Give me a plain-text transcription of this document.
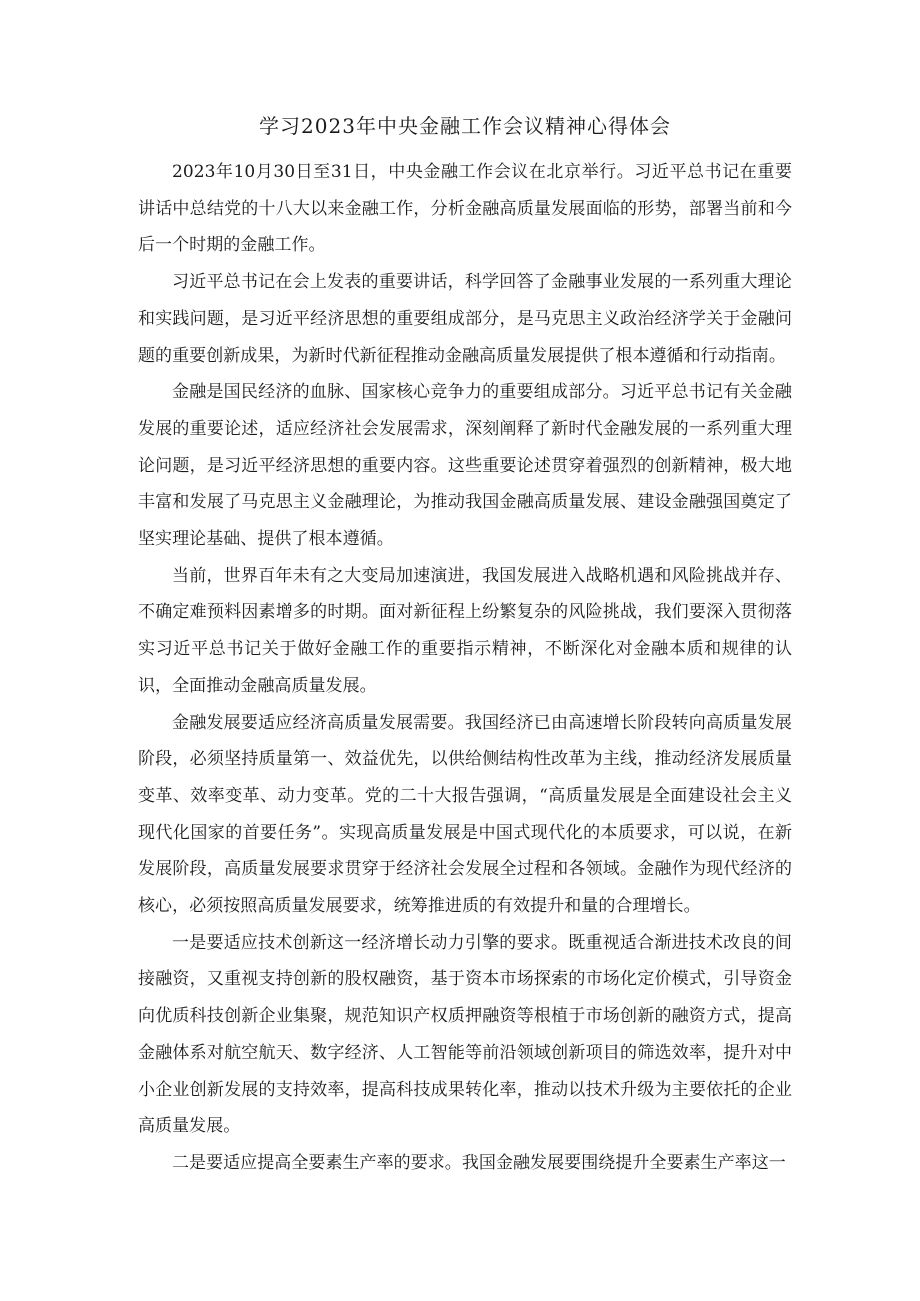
学习2023年中央金融工作会议精神心得体会

2023年10月30日至31日，中央金融工作会议在北京举行。习近平总书记在重要讲话中总结党的十八大以来金融工作，分析金融高质量发展面临的形势，部署当前和今后一个时期的金融工作。

习近平总书记在会上发表的重要讲话，科学回答了金融事业发展的一系列重大理论和实践问题，是习近平经济思想的重要组成部分，是马克思主义政治经济学关于金融问题的重要创新成果，为新时代新征程推动金融高质量发展提供了根本遵循和行动指南。

金融是国民经济的血脉、国家核心竞争力的重要组成部分。习近平总书记有关金融发展的重要论述，适应经济社会发展需求，深刻阐释了新时代金融发展的一系列重大理论问题，是习近平经济思想的重要内容。这些重要论述贯穿着强烈的创新精神，极大地丰富和发展了马克思主义金融理论，为推动我国金融高质量发展、建设金融强国奠定了坚实理论基础、提供了根本遵循。

当前，世界百年未有之大变局加速演进，我国发展进入战略机遇和风险挑战并存、不确定难预料因素增多的时期。面对新征程上纷繁复杂的风险挑战，我们要深入贯彻落实习近平总书记关于做好金融工作的重要指示精神，不断深化对金融本质和规律的认识，全面推动金融高质量发展。

金融发展要适应经济高质量发展需要。我国经济已由高速增长阶段转向高质量发展阶段，必须坚持质量第一、效益优先，以供给侧结构性改革为主线，推动经济发展质量变革、效率变革、动力变革。党的二十大报告强调，“高质量发展是全面建设社会主义现代化国家的首要任务”。实现高质量发展是中国式现代化的本质要求，可以说，在新发展阶段，高质量发展要求贯穿于经济社会发展全过程和各领域。金融作为现代经济的核心，必须按照高质量发展要求，统筹推进质的有效提升和量的合理增长。

一是要适应技术创新这一经济增长动力引擎的要求。既重视适合渐进技术改良的间接融资，又重视支持创新的股权融资，基于资本市场探索的市场化定价模式，引导资金向优质科技创新企业集聚，规范知识产权质押融资等根植于市场创新的融资方式，提高金融体系对航空航天、数字经济、人工智能等前沿领域创新项目的筛选效率，提升对中小企业创新发展的支持效率，提高科技成果转化率，推动以技术升级为主要依托的企业高质量发展。

二是要适应提高全要素生产率的要求。我国金融发展要围绕提升全要素生产率这一
